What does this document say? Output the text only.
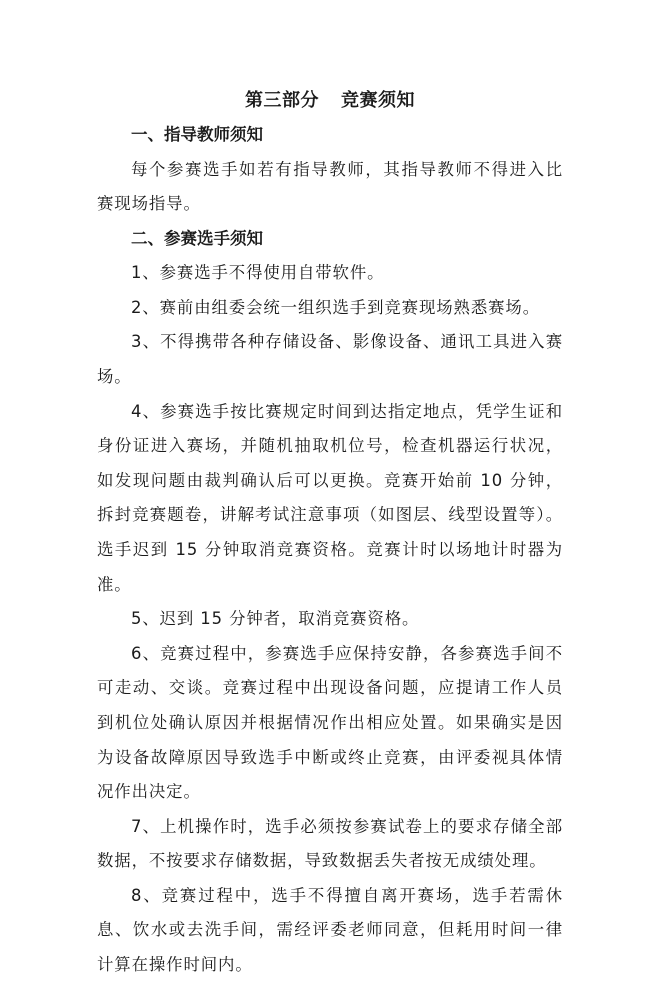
第三部分 竞赛须知
一、指导教师须知

每个参赛选手如若有指导教师，其指导教师不得进入比赛现场指导。

二、参赛选手须知

1、参赛选手不得使用自带软件。

2、赛前由组委会统一组织选手到竞赛现场熟悉赛场。

3、不得携带各种存储设备、影像设备、通讯工具进入赛场。

4、参赛选手按比赛规定时间到达指定地点，凭学生证和身份证进入赛场，并随机抽取机位号，检查机器运行状况，如发现问题由裁判确认后可以更换。竞赛开始前 10 分钟，拆封竞赛题卷，讲解考试注意事项（如图层、线型设置等）。选手迟到 15 分钟取消竞赛资格。竞赛计时以场地计时器为准。

5、迟到 15 分钟者，取消竞赛资格。

6、竞赛过程中，参赛选手应保持安静，各参赛选手间不可走动、交谈。竞赛过程中出现设备问题，应提请工作人员到机位处确认原因并根据情况作出相应处置。如果确实是因为设备故障原因导致选手中断或终止竞赛，由评委视具体情况作出决定。

7、上机操作时，选手必须按参赛试卷上的要求存储全部数据，不按要求存储数据，导致数据丢失者按无成绩处理。

8、竞赛过程中，选手不得擅自离开赛场，选手若需休息、饮水或去洗手间，需经评委老师同意，但耗用时间一律计算在操作时间内。
